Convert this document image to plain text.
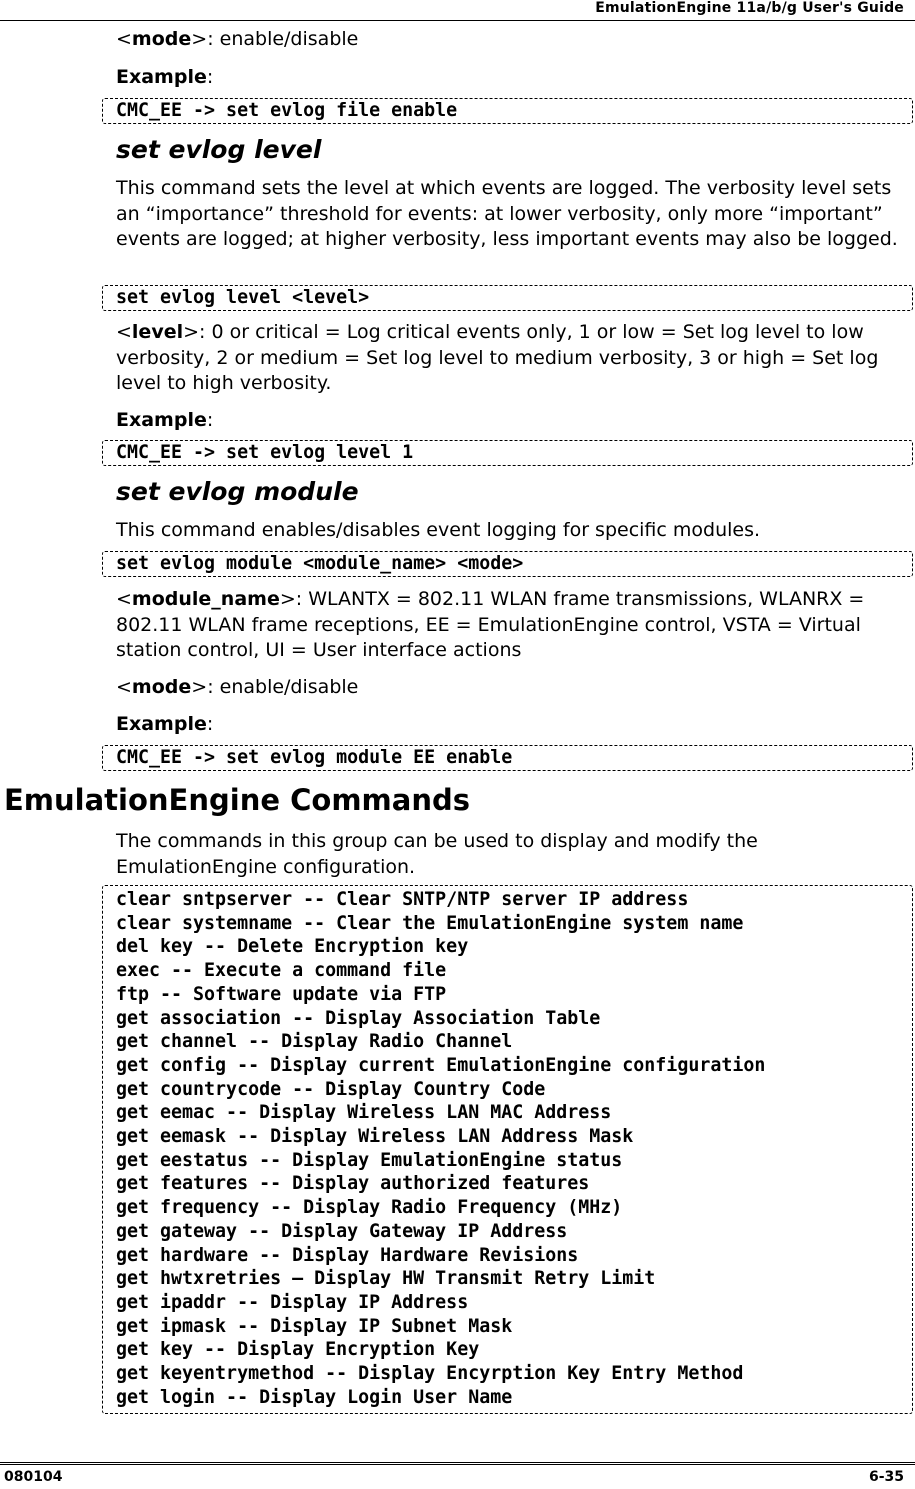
EmulationEngine 11a/b/g User's Guide
<mode>: enable/disable
Example:
CMC_EE -> set evlog file enable
set evlog level
This command sets the level at which events are logged. The verbosity level sets an “importance” threshold for events: at lower verbosity, only more “important” events are logged; at higher verbosity, less important events may also be logged.
set evlog level <level>
<level>: 0 or critical = Log critical events only, 1 or low = Set log level to low verbosity, 2 or medium = Set log level to medium verbosity, 3 or high = Set log level to high verbosity.
Example:
CMC_EE -> set evlog level 1
set evlog module
This command enables/disables event logging for specific modules.
set evlog module <module_name> <mode>
<module_name>: WLANTX = 802.11 WLAN frame transmissions, WLANRX = 802.11 WLAN frame receptions, EE = EmulationEngine control, VSTA = Virtual station control, UI = User interface actions
<mode>: enable/disable
Example:
CMC_EE -> set evlog module EE enable
EmulationEngine Commands
The commands in this group can be used to display and modify the EmulationEngine configuration.
clear sntpserver -- Clear SNTP/NTP server IP address
clear systemname -- Clear the EmulationEngine system name
del key -- Delete Encryption key
exec -- Execute a command file
ftp -- Software update via FTP
get association -- Display Association Table
get channel -- Display Radio Channel
get config -- Display current EmulationEngine configuration
get countrycode -- Display Country Code
get eemac -- Display Wireless LAN MAC Address
get eemask -- Display Wireless LAN Address Mask
get eestatus -- Display EmulationEngine status
get features -- Display authorized features
get frequency -- Display Radio Frequency (MHz)
get gateway -- Display Gateway IP Address
get hardware -- Display Hardware Revisions
get hwtxretries – Display HW Transmit Retry Limit
get ipaddr -- Display IP Address
get ipmask -- Display IP Subnet Mask
get key -- Display Encryption Key
get keyentrymethod -- Display Encyrption Key Entry Method
get login -- Display Login User Name
080104	6-35
